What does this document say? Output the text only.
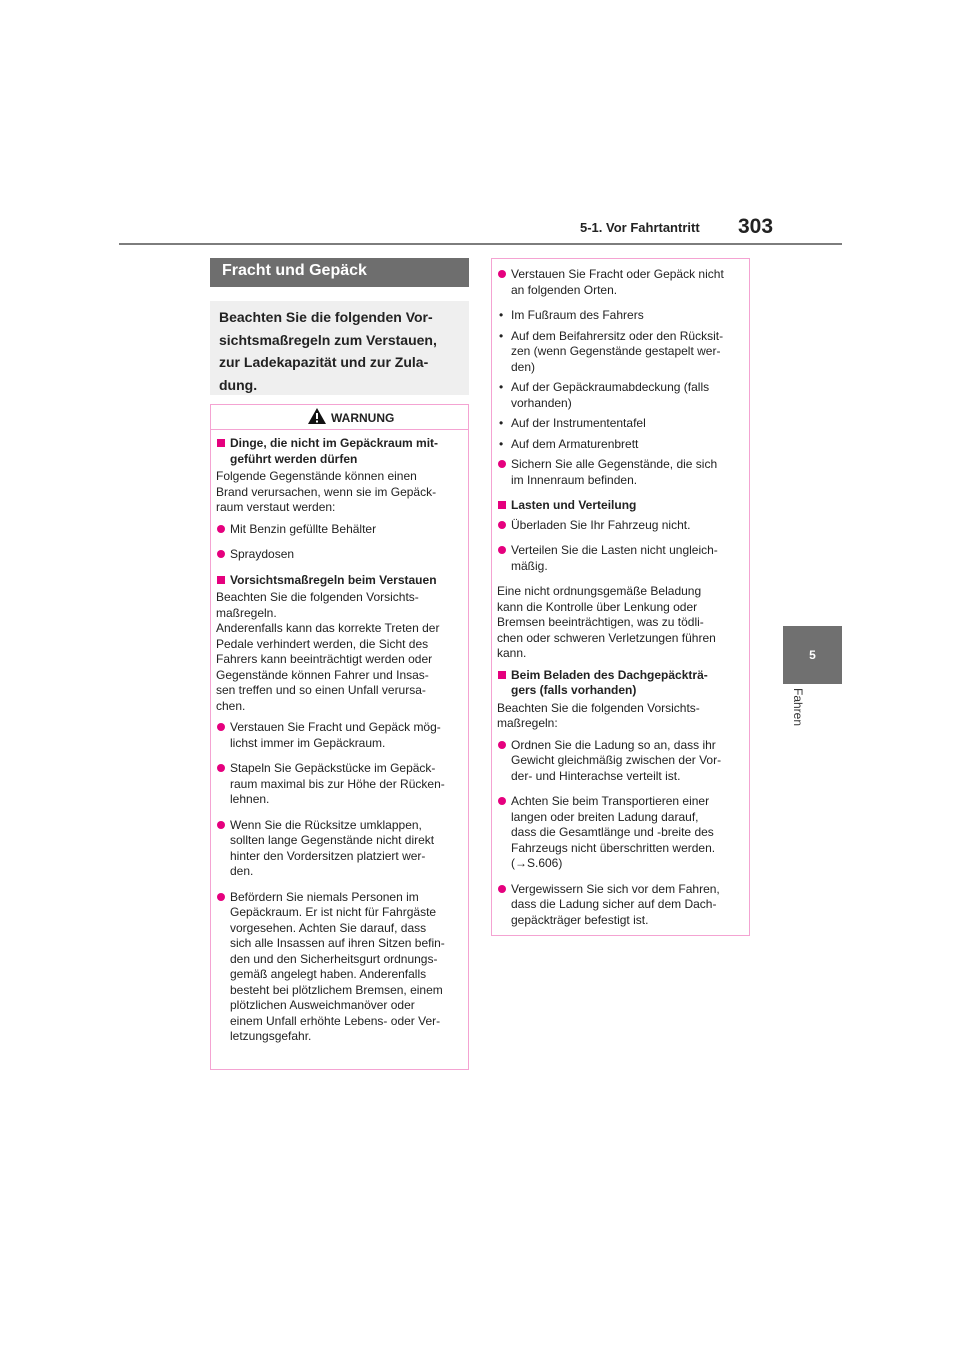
5-1. Vor Fahrtantritt 303
5
Fahren
Fracht und Gepäck
Beachten Sie die folgenden Vor-
sichtsmaßregeln zum Verstauen,
zur Ladekapazität und zur Zula-
dung.
WARNUNG
Dinge, die nicht im Gepäckraum mit-
geführt werden dürfen
Folgende Gegenstände können einen
Brand verursachen, wenn sie im Gepäck-
raum verstaut werden:
Mit Benzin gefüllte Behälter
Spraydosen
Vorsichtsmaßregeln beim Verstauen
Beachten Sie die folgenden Vorsichts-
maßregeln.
Anderenfalls kann das korrekte Treten der
Pedale verhindert werden, die Sicht des
Fahrers kann beeinträchtigt werden oder
Gegenstände können Fahrer und Insas-
sen treffen und so einen Unfall verursa-
chen.
Verstauen Sie Fracht und Gepäck mög-
lichst immer im Gepäckraum.
Stapeln Sie Gepäckstücke im Gepäck-
raum maximal bis zur Höhe der Rücken-
lehnen.
Wenn Sie die Rücksitze umklappen,
sollten lange Gegenstände nicht direkt
hinter den Vordersitzen platziert wer-
den.
Befördern Sie niemals Personen im
Gepäckraum. Er ist nicht für Fahrgäste
vorgesehen. Achten Sie darauf, dass
sich alle Insassen auf ihren Sitzen befin-
den und den Sicherheitsgurt ordnungs-
gemäß angelegt haben. Anderenfalls
besteht bei plötzlichem Bremsen, einem
plötzlichen Ausweichmanöver oder
einem Unfall erhöhte Lebens- oder Ver-
letzungsgefahr.
Verstauen Sie Fracht oder Gepäck nicht
an folgenden Orten.
• Im Fußraum des Fahrers
• Auf dem Beifahrersitz oder den Rücksit-
zen (wenn Gegenstände gestapelt wer-
den)
• Auf der Gepäckraumabdeckung (falls
vorhanden)
• Auf der Instrumententafel
• Auf dem Armaturenbrett
Sichern Sie alle Gegenstände, die sich
im Innenraum befinden.
Lasten und Verteilung
Überladen Sie Ihr Fahrzeug nicht.
Verteilen Sie die Lasten nicht ungleich-
mäßig.
Eine nicht ordnungsgemäße Beladung
kann die Kontrolle über Lenkung oder
Bremsen beeinträchtigen, was zu tödli-
chen oder schweren Verletzungen führen
kann.
Beim Beladen des Dachgepäckträ-
gers (falls vorhanden)
Beachten Sie die folgenden Vorsichts-
maßregeln:
Ordnen Sie die Ladung so an, dass ihr
Gewicht gleichmäßig zwischen der Vor-
der- und Hinterachse verteilt ist.
Achten Sie beim Transportieren einer
langen oder breiten Ladung darauf,
dass die Gesamtlänge und -breite des
Fahrzeugs nicht überschritten werden.
(→S.606)
Vergewissern Sie sich vor dem Fahren,
dass die Ladung sicher auf dem Dach-
gepäckträger befestigt ist.
